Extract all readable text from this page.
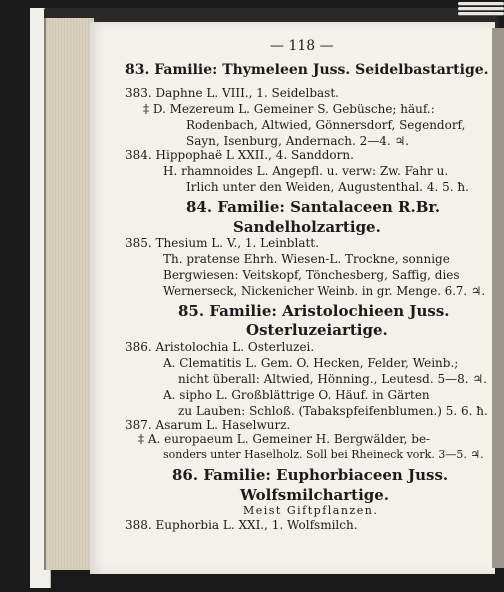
— 118 —
83. Familie: Thymeleen Juss. Seidelbastartige.
383. Daphne L. VIII., 1. Seidelbast.
‡ D. Mezereum L. Gemeiner S. Gebüsche; häuf.:
Rodenbach, Altwied, Gönnersdorf, Segendorf,
Sayn, Isenburg, Andernach. 2—4. ♃.
384. Hippophaë L XXII., 4. Sanddorn.
H. rhamnoides L. Angepfl. u. verw: Zw. Fahr u.
Irlich unter den Weiden, Augustenthal. 4. 5. ħ.
84. Familie: Santalaceen R.Br.
Sandelholzartige.
385. Thesium L. V., 1. Leinblatt.
Th. pratense Ehrh. Wiesen-L. Trockne, sonnige
Bergwiesen: Veitskopf, Tönchesberg, Saffig, dies
Wernerseck, Nickenicher Weinb. in gr. Menge. 6.7. ♃.
85. Familie: Aristolochieen Juss.
Osterluzeiartige.
386. Aristolochia L. Osterluzei.
A. Clematitis L. Gem. O. Hecken, Felder, Weinb.;
nicht überall: Altwied, Hönning., Leutesd. 5—8. ♃.
A. sipho L. Großblättrige O. Häuf. in Gärten
zu Lauben: Schloß. (Tabakspfeifenblumen.) 5. 6. ħ.
387. Asarum L. Haselwurz.
‡ A. europaeum L. Gemeiner H. Bergwälder, be-
sonders unter Haselholz. Soll bei Rheineck vork. 3—5. ♃.
86. Familie: Euphorbiaceen Juss.
Wolfsmilchartige.
Meist Giftpflanzen.
388. Euphorbia L. XXI., 1. Wolfsmilch.
